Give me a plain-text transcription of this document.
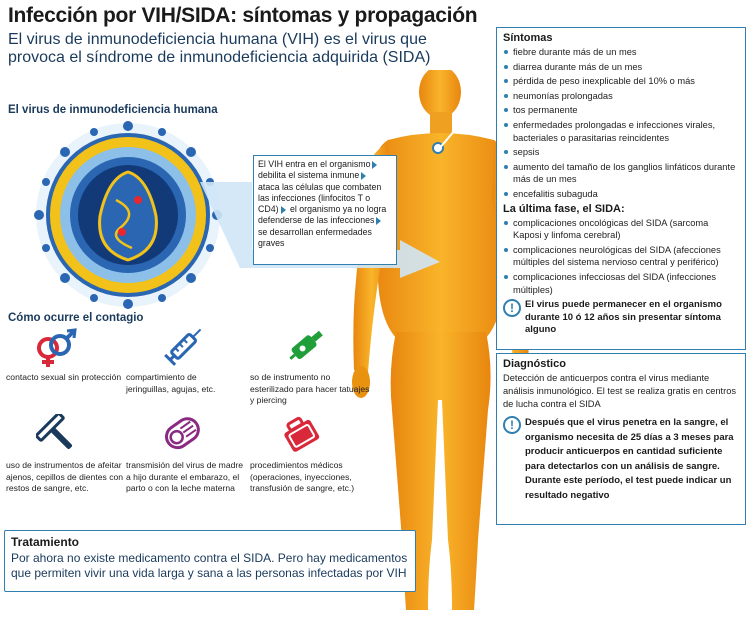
Infección por VIH/SIDA: síntomas y propagación
El virus de inmunodeficiencia humana (VIH) es el virus que provoca el síndrome de inmunodeficiencia adquirida (SIDA)
El virus de inmunodeficiencia humana
El VIH entra en el organismo debilita el sistema inmune ataca las células que combaten las infecciones (linfocitos T o CD4) el organismo ya no logra defenderse de las infecciones se desarrollan enfermedades graves
Cómo ocurre el contagio
contacto sexual sin protección compartimiento de jeringuillas, agujas, etc.
so de instrumento no esterilizado para hacer tatuajes y piercing
uso de instrumentos de afeitar ajenos, cepillos de dientes con restos de sangre, etc.
transmisión del virus de madre a hijo durante el embarazo, el parto o con la leche materna
procedimientos médicos (operaciones, inyecciones, transfusión de sangre, etc.)
Síntomas
fiebre durante más de un mes
diarrea durante más de un mes
pérdida de peso inexplicable del 10% o más
neumonías prolongadas
tos permanente
enfermedades prolongadas e infecciones virales, bacteriales o parasitarias reincidentes
sepsis
aumento del tamaño de los ganglios linfáticos durante más de un mes
encefalitis subaguda
La última fase, el SIDA:
complicaciones oncológicas del SIDA (sarcoma Kaposi y linfoma cerebral)
complicaciones neurológicas del SIDA (afecciones múltiples del sistema nervioso central y periférico)
complicaciones infecciosas del SIDA (infecciones múltiples)
!	El virus puede permanecer en el organismo durante 10 ó 12 años sin presentar síntoma alguno
Diagnóstico
Detección de anticuerpos contra el virus mediante análisis inmunológico. El test se realiza gratis en centros de lucha contra el SIDA
!	Después que el virus penetra en la sangre, el organismo necesita de 25 días a 3 meses para producir anticuerpos en cantidad suficiente para detectarlos con un análisis de sangre. Durante este período, el test puede indicar un resultado negativo
Tratamiento
Por ahora no existe medicamento contra el SIDA. Pero hay medicamentos que permiten vivir una vida larga y sana a las personas infectadas por VIH
